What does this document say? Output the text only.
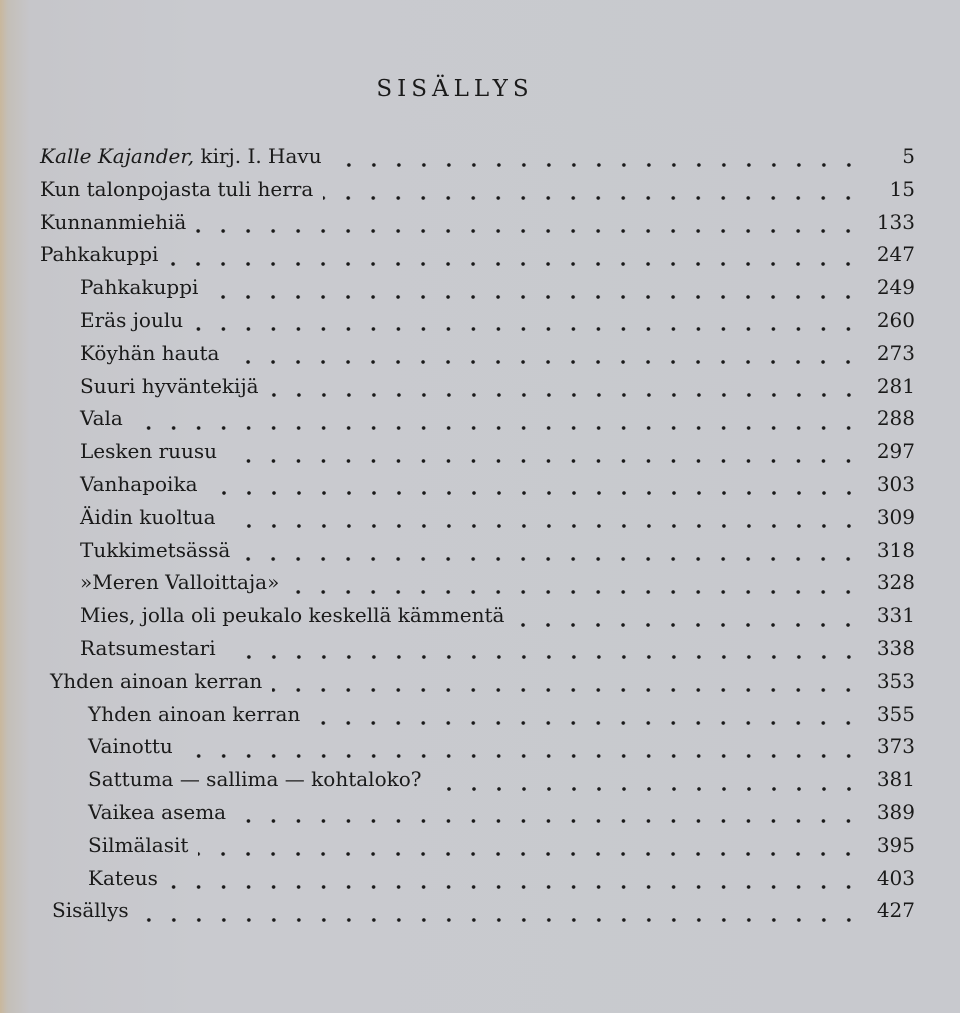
SISÄLLYS
Kalle Kajander, kirj. I. Havu	5
Kun talonpojasta tuli herra	15
Kunnanmiehiä	133
Pahkakuppi	247
Pahkakuppi	249
Eräs joulu	260
Köyhän hauta	273
Suuri hyväntekijä	281
Vala	288
Lesken ruusu	297
Vanhapoika	303
Äidin kuoltua	309
Tukkimetsässä	318
»Meren Valloittaja»	328
Mies, jolla oli peukalo keskellä kämmentä	331
Ratsumestari	338
Yhden ainoan kerran	353
Yhden ainoan kerran	355
Vainottu	373
Sattuma — sallima — kohtaloko?	381
Vaikea asema	389
Silmälasit	395
Kateus	403
Sisällys	427
